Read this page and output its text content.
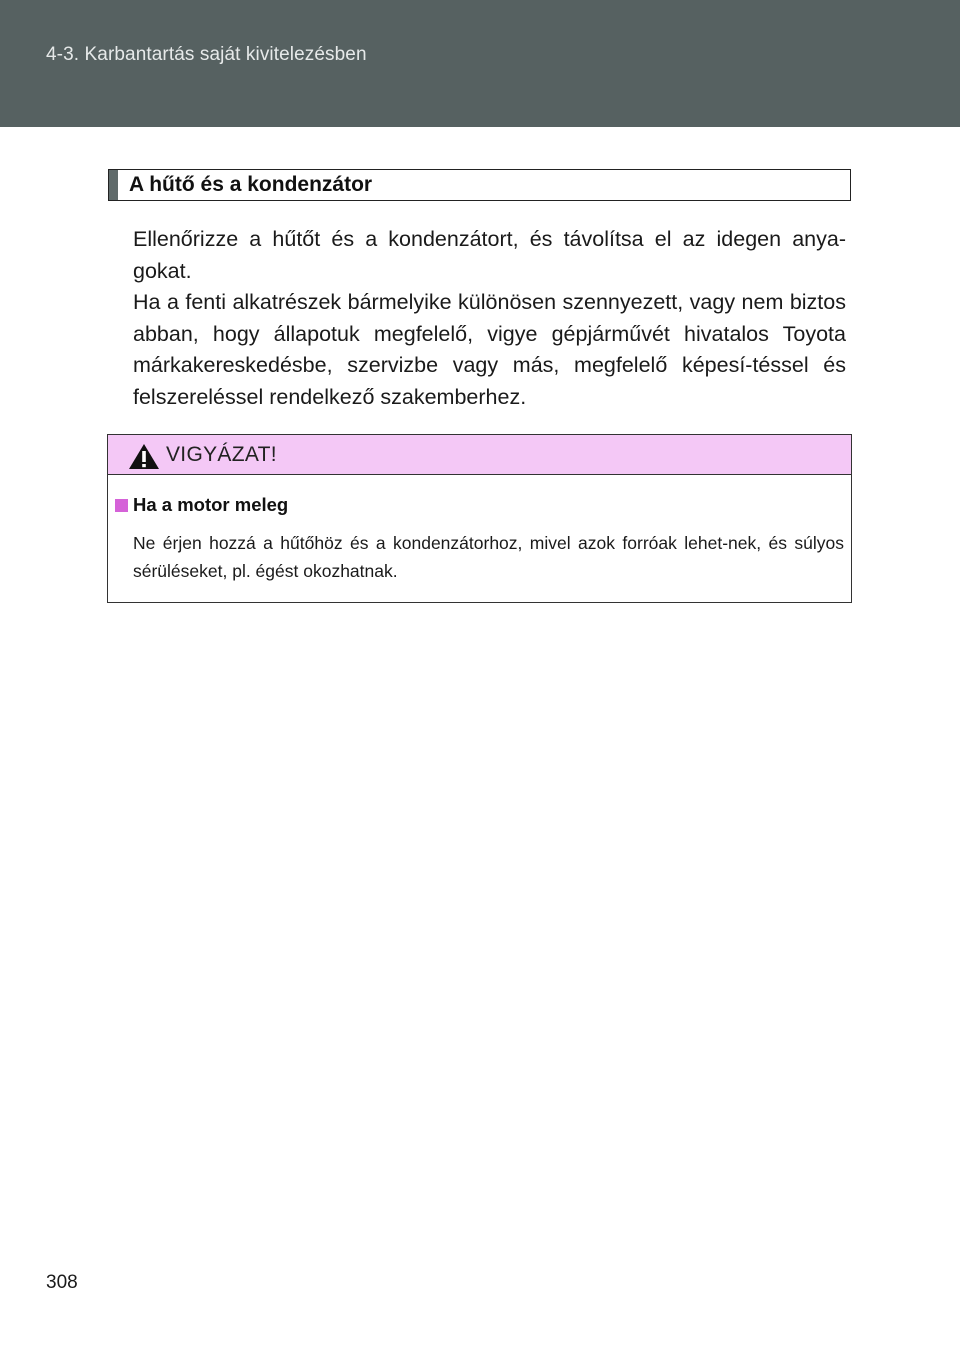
4-3. Karbantartás saját kivitelezésben
A hűtő és a kondenzátor

Ellenőrizze a hűtőt és a kondenzátort, és távolítsa el az idegen anya-gokat.

Ha a fenti alkatrészek bármelyike különösen szennyezett, vagy nem biztos abban, hogy állapotuk megfelelő, vigye gépjárművét hivatalos Toyota márkakereskedésbe, szervizbe vagy más, megfelelő képesí-téssel és felszereléssel rendelkező szakemberhez.

VIGYÁZAT!
Ha a motor meleg
Ne érjen hozzá a hűtőhöz és a kondenzátorhoz, mivel azok forróak lehet-nek, és súlyos sérüléseket, pl. égést okozhatnak.
308
